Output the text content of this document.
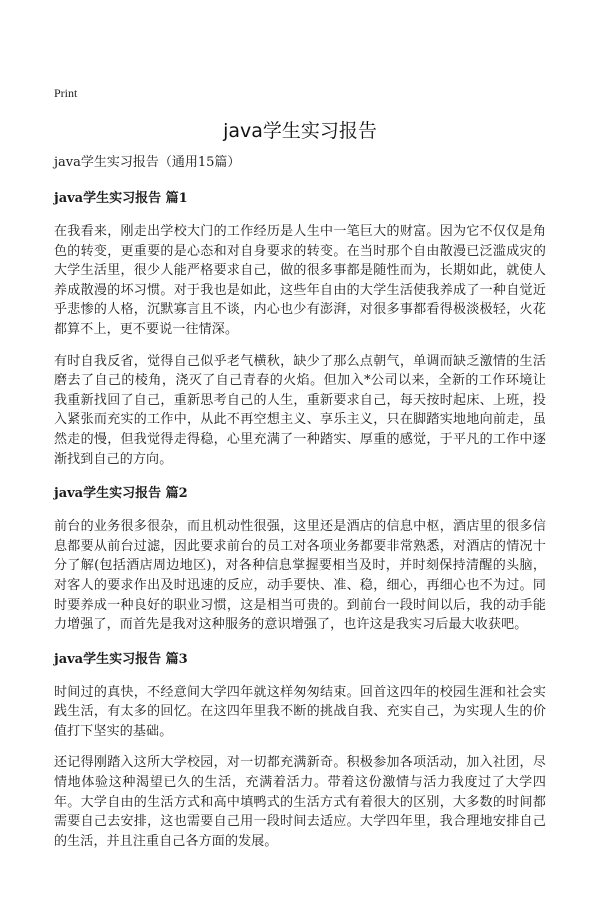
Print
java学生实习报告

java学生实习报告（通用15篇）

java学生实习报告 篇1

在我看来，刚走出学校大门的工作经历是人生中一笔巨大的财富。因为它不仅仅是角色的转变，更重要的是心态和对自身要求的转变。在当时那个自由散漫已泛滥成灾的大学生活里，很少人能严格要求自己，做的很多事都是随性而为，长期如此，就使人养成散漫的坏习惯。对于我也是如此，这些年自由的大学生活使我养成了一种自觉近乎悲惨的人格，沉默寡言且不谈，内心也少有澎湃，对很多事都看得极淡极轻，火花都算不上，更不要说一往情深。

有时自我反省，觉得自己似乎老气横秋，缺少了那么点朝气，单调而缺乏激情的生活磨去了自己的棱角，浇灭了自己青春的火焰。但加入*公司以来，全新的工作环境让我重新找回了自己，重新思考自己的人生，重新要求自己，每天按时起床、上班，投入紧张而充实的工作中，从此不再空想主义、享乐主义，只在脚踏实地地向前走，虽然走的慢，但我觉得走得稳，心里充满了一种踏实、厚重的感觉，于平凡的工作中逐渐找到自己的方向。

java学生实习报告 篇2

前台的业务很多很杂，而且机动性很强，这里还是酒店的信息中枢，酒店里的很多信息都要从前台过滤，因此要求前台的员工对各项业务都要非常熟悉，对酒店的情况十分了解(包括酒店周边地区)，对各种信息掌握要相当及时，并时刻保持清醒的头脑，对客人的要求作出及时迅速的反应，动手要快、准、稳，细心，再细心也不为过。同时要养成一种良好的职业习惯，这是相当可贵的。到前台一段时间以后，我的动手能力增强了，而首先是我对这种服务的意识增强了，也许这是我实习后最大收获吧。

java学生实习报告 篇3

时间过的真快，不经意间大学四年就这样匆匆结束。回首这四年的校园生涯和社会实践生活，有太多的回忆。在这四年里我不断的挑战自我、充实自己，为实现人生的价值打下坚实的基础。

还记得刚踏入这所大学校园，对一切都充满新奇。积极参加各项活动，加入社团，尽情地体验这种渴望已久的生活，充满着活力。带着这份激情与活力我度过了大学四年。大学自由的生活方式和高中填鸭式的生活方式有着很大的区别，大多数的时间都需要自己去安排，这也需要自己用一段时间去适应。大学四年里，我合理地安排自己的生活，并且注重自己各方面的发展。
